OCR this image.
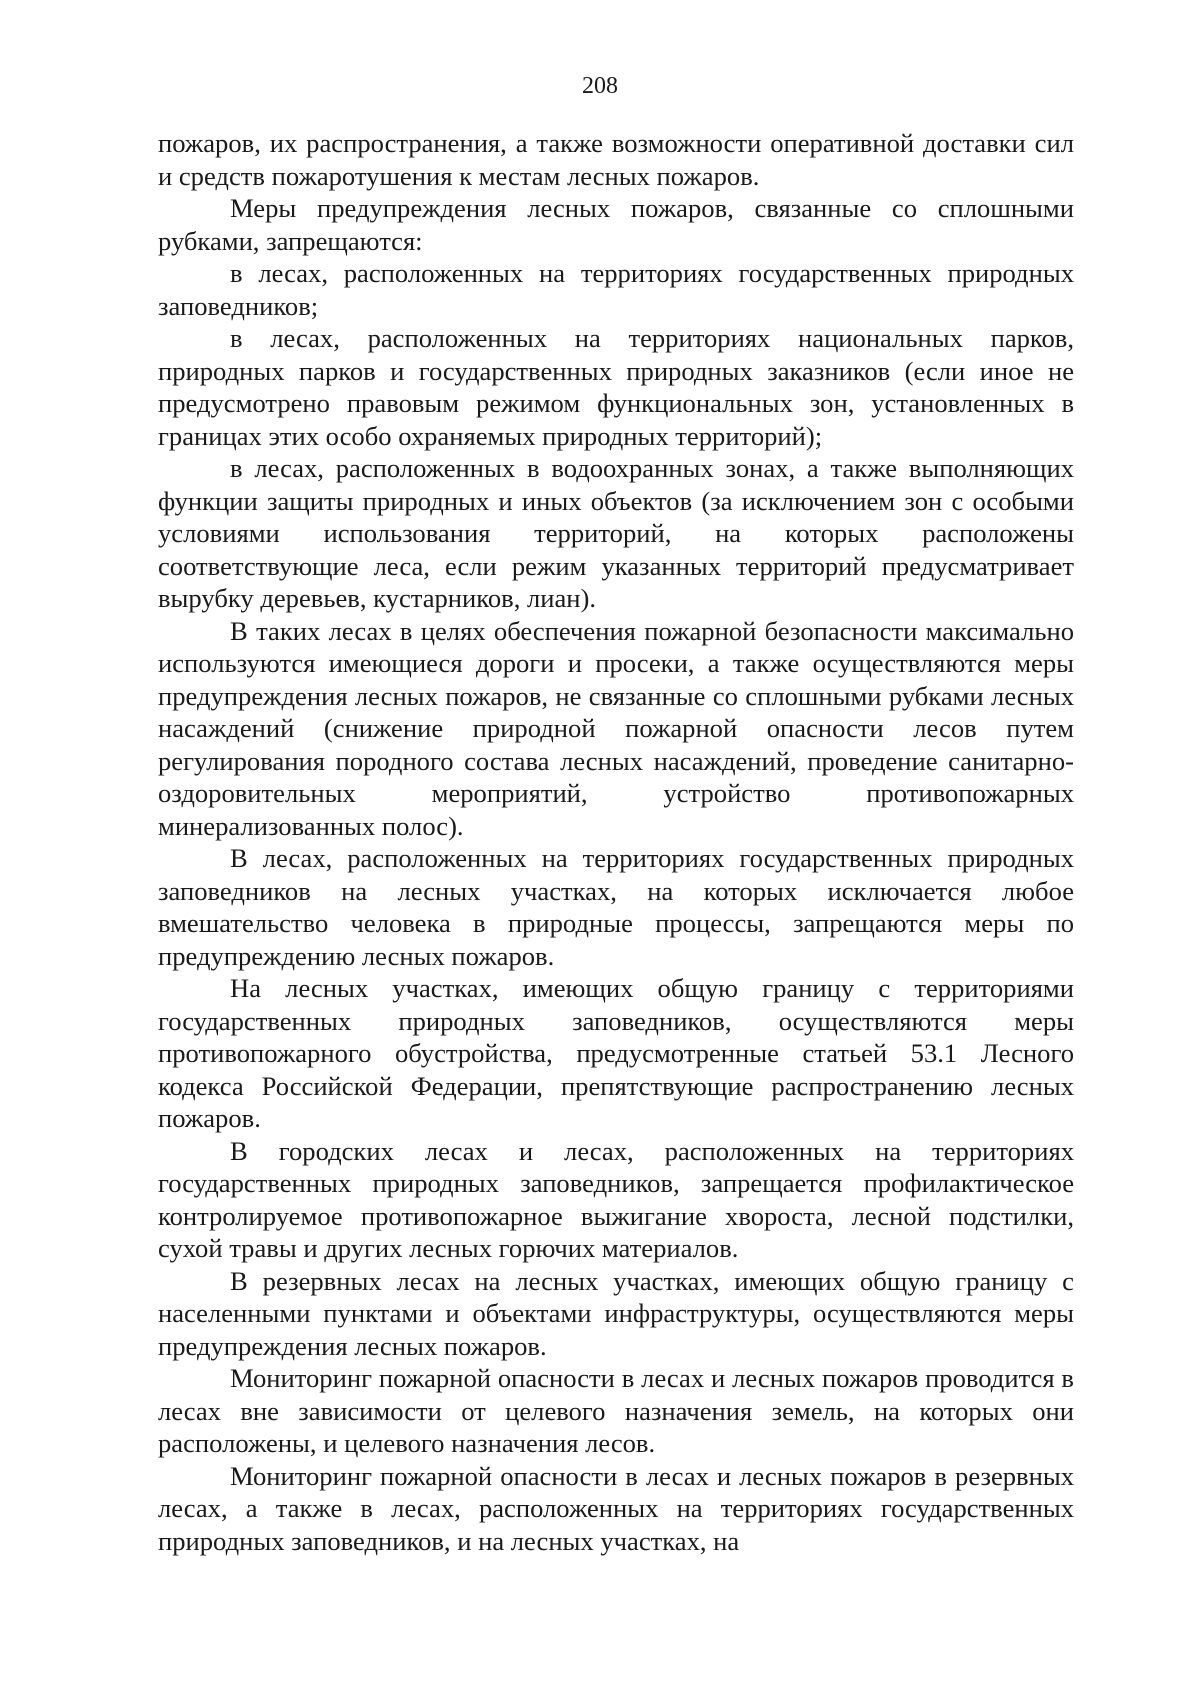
208

пожаров, их распространения, а также возможности оперативной доставки сил и средств пожаротушения к местам лесных пожаров.

Меры предупреждения лесных пожаров, связанные со сплошными рубками, запрещаются:

в лесах, расположенных на территориях государственных природных заповедников;

в лесах, расположенных на территориях национальных парков, природных парков и государственных природных заказников (если иное не предусмотрено правовым режимом функциональных зон, установленных в границах этих особо охраняемых природных территорий);

в лесах, расположенных в водоохранных зонах, а также выполняющих функции защиты природных и иных объектов (за исключением зон с особыми условиями использования территорий, на которых расположены соответствующие леса, если режим указанных территорий предусматривает вырубку деревьев, кустарников, лиан).

В таких лесах в целях обеспечения пожарной безопасности максимально используются имеющиеся дороги и просеки, а также осуществляются меры предупреждения лесных пожаров, не связанные со сплошными рубками лесных насаждений (снижение природной пожарной опасности лесов путем регулирования породного состава лесных насаждений, проведение санитарно-оздоровительных мероприятий, устройство противопожарных минерализованных полос).

В лесах, расположенных на территориях государственных природных заповедников на лесных участках, на которых исключается любое вмешательство человека в природные процессы, запрещаются меры по предупреждению лесных пожаров.

На лесных участках, имеющих общую границу с территориями государственных природных заповедников, осуществляются меры противопожарного обустройства, предусмотренные статьей 53.1 Лесного кодекса Российской Федерации, препятствующие распространению лесных пожаров.

В городских лесах и лесах, расположенных на территориях государственных природных заповедников, запрещается профилактическое контролируемое противопожарное выжигание хвороста, лесной подстилки, сухой травы и других лесных горючих материалов.

В резервных лесах на лесных участках, имеющих общую границу с населенными пунктами и объектами инфраструктуры, осуществляются меры предупреждения лесных пожаров.

Мониторинг пожарной опасности в лесах и лесных пожаров проводится в лесах вне зависимости от целевого назначения земель, на которых они расположены, и целевого назначения лесов.

Мониторинг пожарной опасности в лесах и лесных пожаров в резервных лесах, а также в лесах, расположенных на территориях государственных природных заповедников, и на лесных участках, на
